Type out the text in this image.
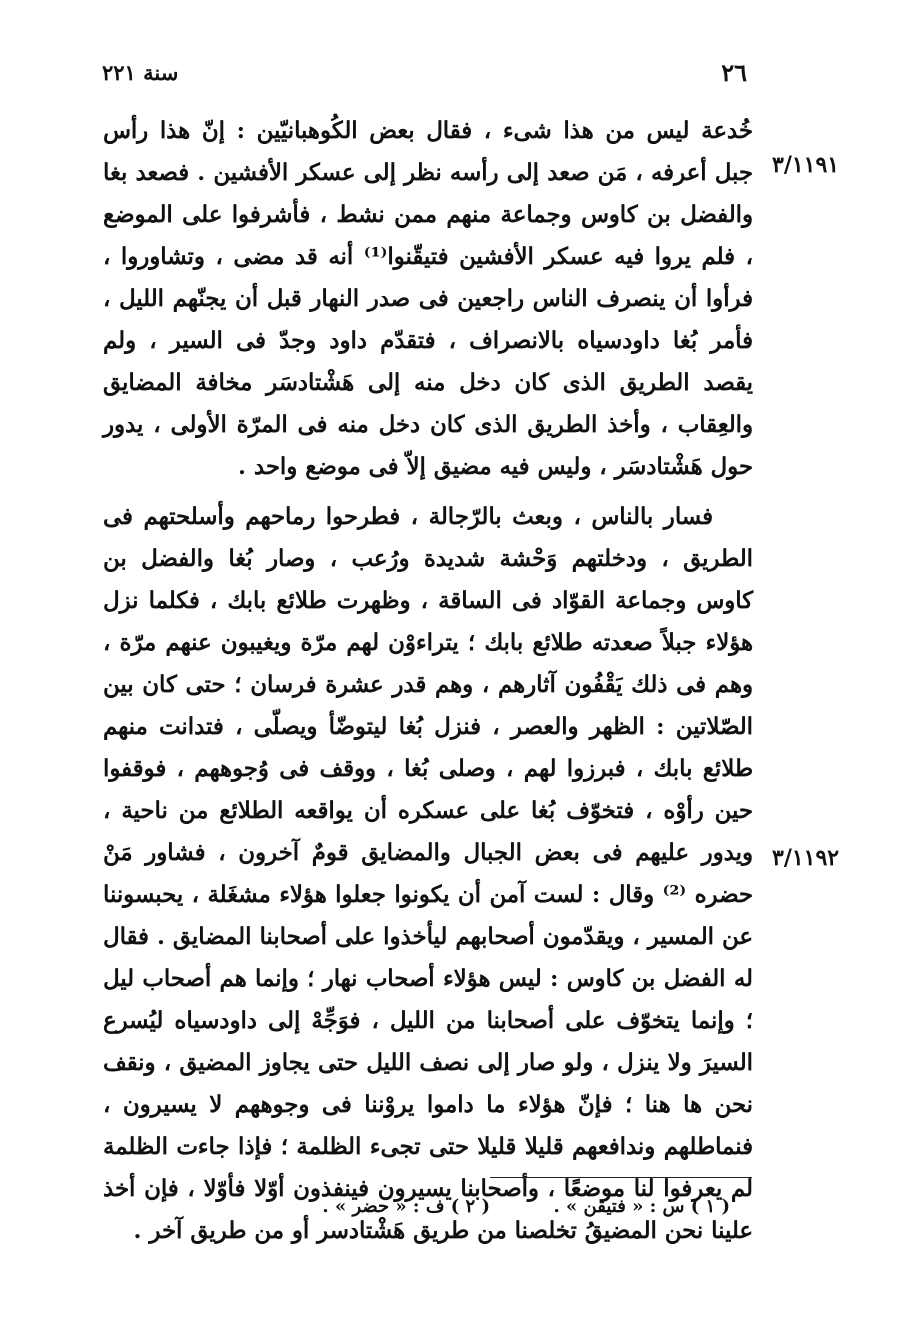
٢٦
سنة ٢٢١
٣/١١٩١
٣/١١٩٢

خُدعة ليس من هذا شىء ، فقال بعض الكُوهبانيّين : إنّ هذا رأس جبل أعرفه ، مَن صعد إلى رأسه نظر إلى عسكر الأفشين . فصعد بغا والفضل بن كاوس وجماعة منهم ممن نشط ، فأشرفوا على الموضع ، فلم يروا فيه عسكر الأفشين فتيقّنوا⁽¹⁾ أنه قد مضى ، وتشاوروا ، فرأوا أن ينصرف الناس راجعين فى صدر النهار قبل أن يجنّهم الليل ، فأمر بُغا داودسياه بالانصراف ، فتقدّم داود وجدّ فى السير ، ولم يقصد الطريق الذى كان دخل منه إلى هَشْتادسَر مخافة المضايق والعِقاب ، وأخذ الطريق الذى كان دخل منه فى المرّة الأولى ، يدور حول هَشْتادسَر ، وليس فيه مضيق إلاّ فى موضع واحد .

فسار بالناس ، وبعث بالرّجالة ، فطرحوا رماحهم وأسلحتهم فى الطريق ، ودخلتهم وَحْشة شديدة ورُعب ، وصار بُغا والفضل بن كاوس وجماعة القوّاد فى الساقة ، وظهرت طلائع بابك ، فكلما نزل هؤلاء جبلاً صعدته طلائع بابك ؛ يتراءوْن لهم مرّة ويغيبون عنهم مرّة ، وهم فى ذلك يَقْفُون آثارهم ، وهم قدر عشرة فرسان ؛ حتى كان بين الصّلاتين : الظهر والعصر ، فنزل بُغا ليتوضّأ ويصلّى ، فتدانت منهم طلائع بابك ، فبرزوا لهم ، وصلى بُغا ، ووقف فى وُجوههم ، فوقفوا حين رأوْه ، فتخوّف بُغا على عسكره أن يواقعه الطلائع من ناحية ، ويدور عليهم فى بعض الجبال والمضايق قومٌ آخرون ، فشاور مَنْ حضره ⁽²⁾ وقال : لست آمن أن يكونوا جعلوا هؤلاء مشغَلة ، يحبسوننا عن المسير ، ويقدّمون أصحابهم ليأخذوا على أصحابنا المضايق . فقال له الفضل بن كاوس : ليس هؤلاء أصحاب نهار ؛ وإنما هم أصحاب ليل ؛ وإنما يتخوّف على أصحابنا من الليل ، فوَجِّهْ إلى داودسياه ليُسرع السيرَ ولا ينزل ، ولو صار إلى نصف الليل حتى يجاوز المضيق ، ونقف نحن ها هنا ؛ فإنّ هؤلاء ما داموا يروْننا فى وجوههم لا يسيرون ، فنماطلهم وندافعهم قليلا قليلا حتى تجىء الظلمة ؛ فإذا جاءت الظلمة لم يعرفوا لنا موضعًا ، وأصحابنا يسيرون فينفذون أوّلا فأوّلا ، فإن أخذ علينا نحن المضيقُ تخلصنا من طريق هَشْتادسر أو من طريق آخر .

( ١ ) س : « فتيقن » .
( ٢ ) ف : « حضر » .
